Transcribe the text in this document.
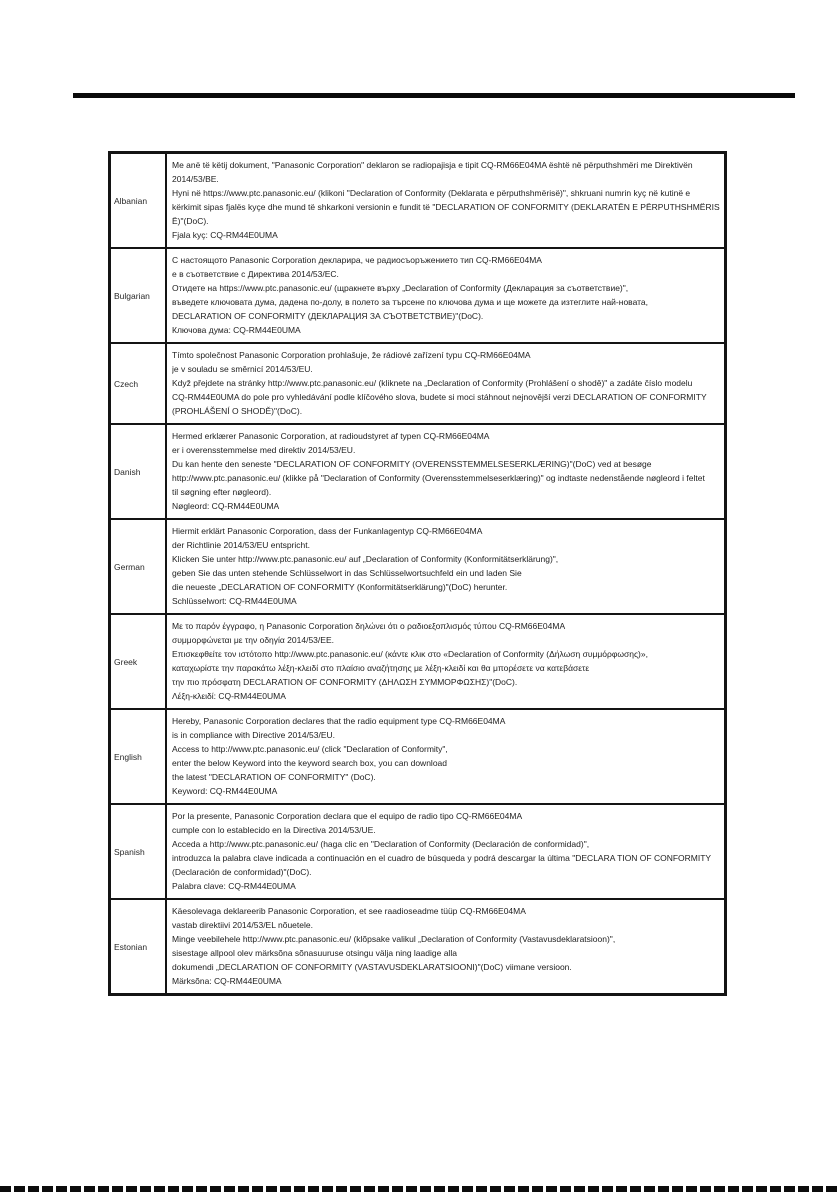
Albanian
Me anë të këtij dokument, "Panasonic Corporation" deklaron se radiopajisja e tipit CQ-RM66E04MA është në përputhshmëri me Direktivën
2014/53/BE.
Hyni në https://www.ptc.panasonic.eu/ (klikoni "Declaration of Conformity (Deklarata e përputhshmërisë)", shkruani numrin kyç në kutinë e
kërkimit sipas fjalës kyçe dhe mund të shkarkoni versionin e fundit të "DECLARATION OF CONFORMITY (DEKLARATËN E PËRPUTHSHMËRIS
Ë)"(DoC).
Fjala kyç: CQ-RM44E0UMA
Bulgarian
С настоящото Panasonic Corporation декларира, че радиосъоръжението тип CQ-RM66E04MA
е в съответствие с Директива 2014/53/ЕС.
Отидете на https://www.ptc.panasonic.eu/ (щракнете върху „Declaration of Conformity (Декларация за съответствие)",
въведете ключовата дума, дадена по-долу, в полето за търсене по ключова дума и ще можете да изтеглите най-новата,
DECLARATION OF CONFORMITY (ДЕКЛАРАЦИЯ ЗА СЪОТВЕТСТВИЕ)"(DoC).
Ключова дума: CQ-RM44E0UMA
Czech
Tímto společnost Panasonic Corporation prohlašuje, že rádiové zařízení typu CQ-RM66E04MA
je v souladu se směrnicí 2014/53/EU.
Když přejdete na stránky http://www.ptc.panasonic.eu/ (kliknete na „Declaration of Conformity (Prohlášení o shodě)" a zadáte číslo modelu
CQ-RM44E0UMA do pole pro vyhledávání podle klíčového slova, budete si moci stáhnout nejnovější verzi DECLARATION OF CONFORMITY
(PROHLÁŠENÍ O SHODĚ)"(DoC).
Danish
Hermed erklærer Panasonic Corporation, at radioudstyret af typen CQ-RM66E04MA
er i overensstemmelse med direktiv 2014/53/EU.
Du kan hente den seneste "DECLARATION OF CONFORMITY (OVERENSSTEMMELSESERKLÆRING)"(DoC) ved at besøge
http://www.ptc.panasonic.eu/ (klikke på "Declaration of Conformity (Overensstemmelseserklæring)" og indtaste nedenstående nøgleord i feltet
til søgning efter nøgleord).
Nøgleord: CQ-RM44E0UMA
German
Hiermit erklärt Panasonic Corporation, dass der Funkanlagentyp CQ-RM66E04MA
der Richtlinie 2014/53/EU entspricht.
Klicken Sie unter http://www.ptc.panasonic.eu/ auf „Declaration of Conformity (Konformitätserklärung)",
geben Sie das unten stehende Schlüsselwort in das Schlüsselwortsuchfeld ein und laden Sie
die neueste „DECLARATION OF CONFORMITY (Konformitätserklärung)"(DoC) herunter.
Schlüsselwort: CQ-RM44E0UMA
Greek
Με το παρόν έγγραφο, η Panasonic Corporation δηλώνει ότι ο ραδιοεξοπλισμός τύπου CQ-RM66E04MA
συμμορφώνεται με την οδηγία 2014/53/ΕΕ.
Επισκεφθείτε τον ιστότοπο http://www.ptc.panasonic.eu/ (κάντε κλικ στο «Declaration of Conformity (Δήλωση συμμόρφωσης)»,
καταχωρίστε την παρακάτω λέξη-κλειδί στο πλαίσιο αναζήτησης με λέξη-κλειδί και θα μπορέσετε να κατεβάσετε
την πιο πρόσφατη DECLARATION OF CONFORMITY (ΔΗΛΩΣΗ ΣΥΜΜΟΡΦΩΣΗΣ)"(DoC).
Λέξη-κλειδί: CQ-RM44E0UMA
English
Hereby, Panasonic Corporation declares that the radio equipment type CQ-RM66E04MA
is in compliance with Directive 2014/53/EU.
Access to http://www.ptc.panasonic.eu/ (click "Declaration of Conformity",
enter the below Keyword into the keyword search box, you can download
the latest "DECLARATION OF CONFORMITY" (DoC).
Keyword: CQ-RM44E0UMA
Spanish
Por la presente, Panasonic Corporation declara que el equipo de radio tipo CQ-RM66E04MA
cumple con lo establecido en la Directiva 2014/53/UE.
Acceda a http://www.ptc.panasonic.eu/ (haga clic en "Declaration of Conformity (Declaración de conformidad)",
introduzca la palabra clave indicada a continuación en el cuadro de búsqueda y podrá descargar la última "DECLARA TION OF CONFORMITY
(Declaración de conformidad)"(DoC).
Palabra clave: CQ-RM44E0UMA
Estonian
Käesolevaga deklareerib Panasonic Corporation, et see raadioseadme tüüp CQ-RM66E04MA
vastab direktiivi 2014/53/EL nõuetele.
Minge veebilehele http://www.ptc.panasonic.eu/ (klõpsake valikul „Declaration of Conformity (Vastavusdeklaratsioon)",
sisestage allpool olev märksõna sõnasuuruse otsingu välja ning laadige alla
dokumendi „DECLARATION OF CONFORMITY (VASTAVUSDEKLARATSIOONI)"(DoC) viimane versioon.
Märksõna: CQ-RM44E0UMA
